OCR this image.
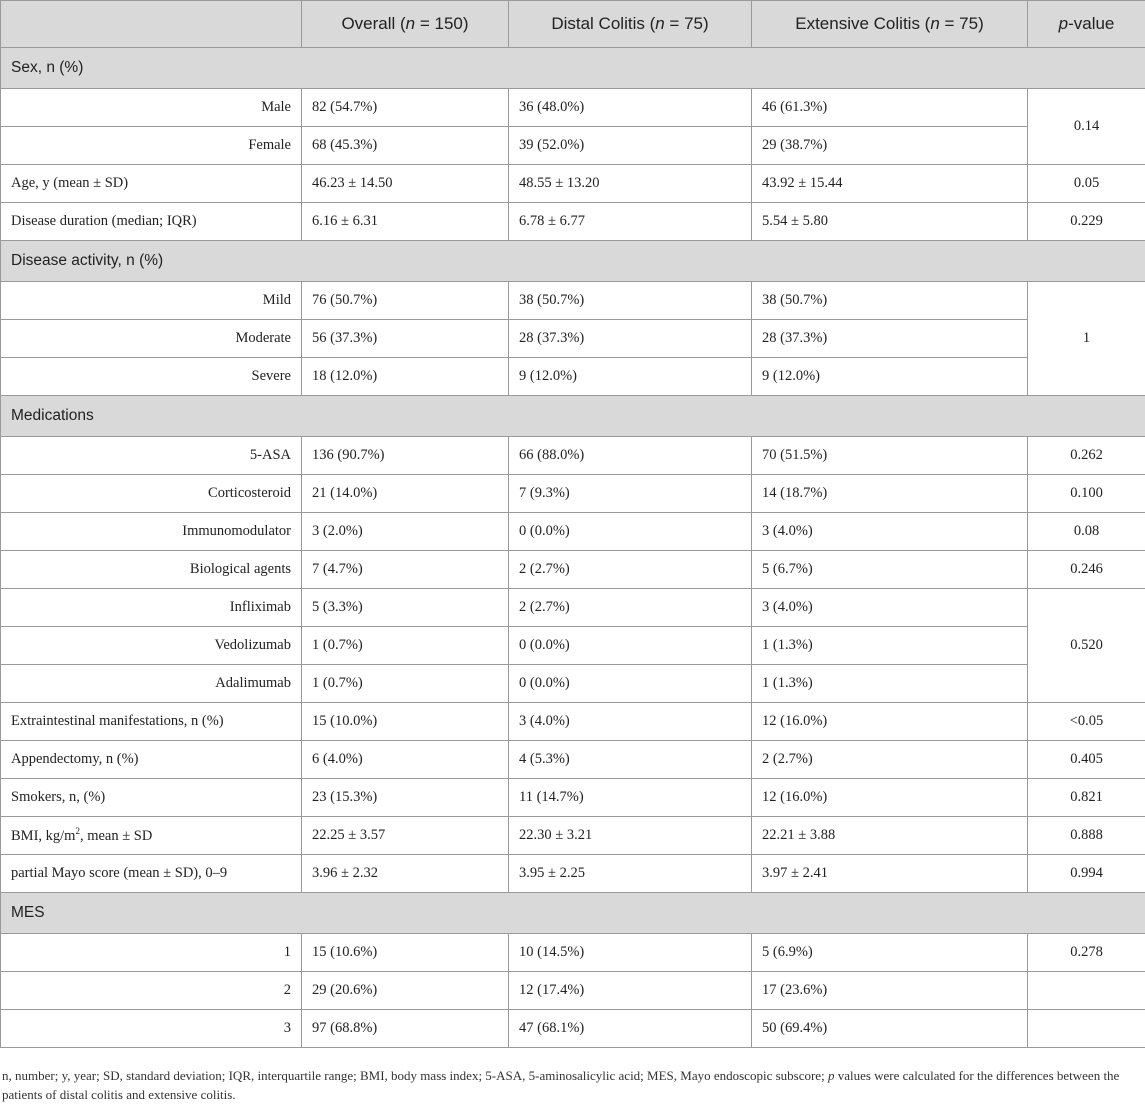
	Overall (n = 150)	Distal Colitis (n = 75)	Extensive Colitis (n = 75)	p-value
Sex, n (%)				
Male	82 (54.7%)	36 (48.0%)	46 (61.3%)	0.14
Female	68 (45.3%)	39 (52.0%)	29 (38.7%)	
Age, y (mean ± SD)	46.23 ± 14.50	48.55 ± 13.20	43.92 ± 15.44	0.05
Disease duration (median; IQR)	6.16 ± 6.31	6.78 ± 6.77	5.54 ± 5.80	0.229
Disease activity, n (%)				
Mild	76 (50.7%)	38 (50.7%)	38 (50.7%)	1
Moderate	56 (37.3%)	28 (37.3%)	28 (37.3%)	
Severe	18 (12.0%)	9 (12.0%)	9 (12.0%)	
Medications				
5-ASA	136 (90.7%)	66 (88.0%)	70 (51.5%)	0.262
Corticosteroid	21 (14.0%)	7 (9.3%)	14 (18.7%)	0.100
Immunomodulator	3 (2.0%)	0 (0.0%)	3 (4.0%)	0.08
Biological agents	7 (4.7%)	2 (2.7%)	5 (6.7%)	0.246
Infliximab	5 (3.3%)	2 (2.7%)	3 (4.0%)	0.520
Vedolizumab	1 (0.7%)	0 (0.0%)	1 (1.3%)	
Adalimumab	1 (0.7%)	0 (0.0%)	1 (1.3%)	
Extraintestinal manifestations, n (%)	15 (10.0%)	3 (4.0%)	12 (16.0%)	<0.05
Appendectomy, n (%)	6 (4.0%)	4 (5.3%)	2 (2.7%)	0.405
Smokers, n, (%)	23 (15.3%)	11 (14.7%)	12 (16.0%)	0.821
BMI, $kg/m^2$, mean ± SD	22.25 ± 3.57	22.30 ± 3.21	22.21 ± 3.88	0.888
partial Mayo score (mean ± SD), 0–9	3.96 ± 2.32	3.95 ± 2.25	3.97 ± 2.41	0.994
MES				
1	15 (10.6%)	10 (14.5%)	5 (6.9%)	0.278
2	29 (20.6%)	12 (17.4%)	17 (23.6%)	
3	97 (68.8%)	47 (68.1%)	50 (69.4%)	
n, number; y, year; SD, standard deviation; IQR, interquartile range; BMI, body mass index; 5-ASA, 5-aminosalicylic acid; MES, Mayo endoscopic subscore; p values were calculated for the differences between the patients of distal colitis and extensive colitis.
